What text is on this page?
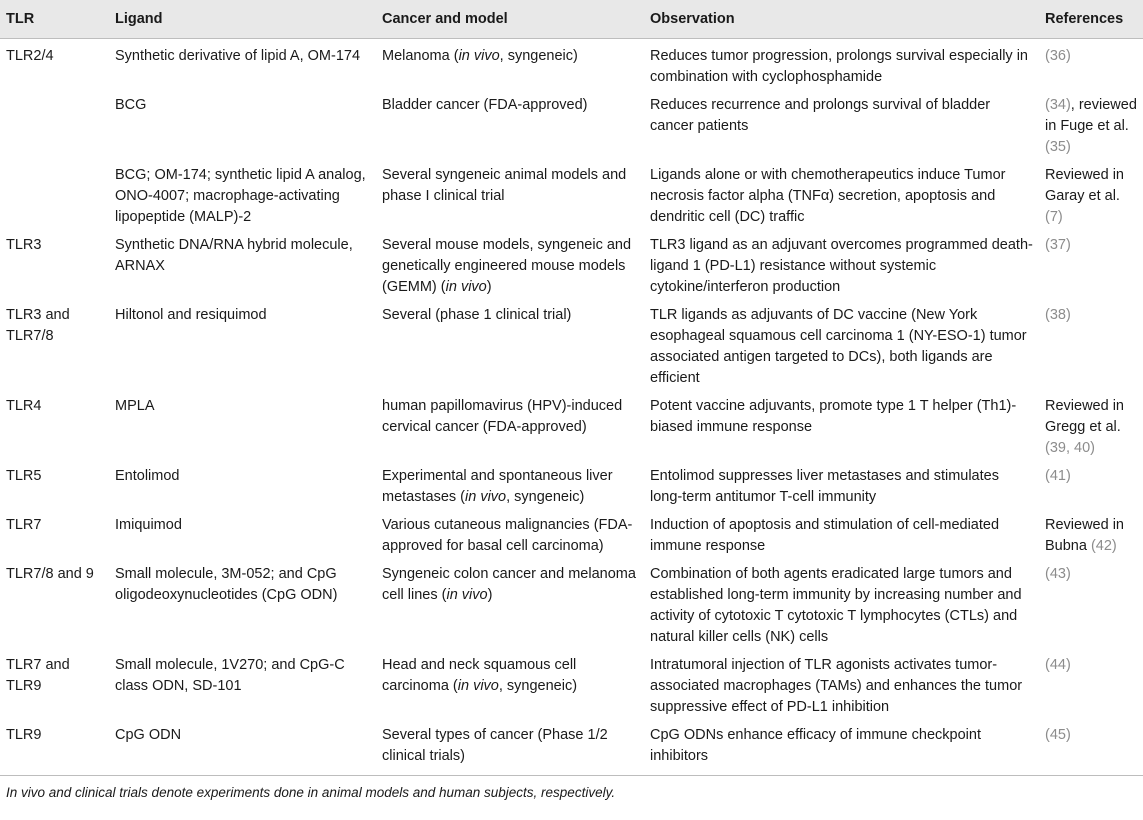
TLR	Ligand	Cancer and model	Observation	References
TLR2/4	Synthetic derivative of lipid A, OM-174	Melanoma (in vivo, syngeneic)	Reduces tumor progression, prolongs survival especially in combination with cyclophosphamide	(36)
	BCG	Bladder cancer (FDA-approved)	Reduces recurrence and prolongs survival of bladder cancer patients	(34), reviewed in Fuge et al. (35)
	BCG; OM-174; synthetic lipid A analog, ONO-4007; macrophage-activating lipopeptide (MALP)-2	Several syngeneic animal models and phase I clinical trial	Ligands alone or with chemotherapeutics induce Tumor necrosis factor alpha (TNFα) secretion, apoptosis and dendritic cell (DC) traffic	Reviewed in Garay et al. (7)
TLR3	Synthetic DNA/RNA hybrid molecule, ARNAX	Several mouse models, syngeneic and genetically engineered mouse models (GEMM) (in vivo)	TLR3 ligand as an adjuvant overcomes programmed death-ligand 1 (PD-L1) resistance without systemic cytokine/interferon production	(37)
TLR3 and TLR7/8	Hiltonol and resiquimod	Several (phase 1 clinical trial)	TLR ligands as adjuvants of DC vaccine (New York esophageal squamous cell carcinoma 1 (NY-ESO-1) tumor associated antigen targeted to DCs), both ligands are efficient	(38)
TLR4	MPLA	human papillomavirus (HPV)-induced cervical cancer (FDA-approved)	Potent vaccine adjuvants, promote type 1 T helper (Th1)-biased immune response	Reviewed in Gregg et al. (39, 40)
TLR5	Entolimod	Experimental and spontaneous liver metastases (in vivo, syngeneic)	Entolimod suppresses liver metastases and stimulates long-term antitumor T-cell immunity	(41)
TLR7	Imiquimod	Various cutaneous malignancies (FDA-approved for basal cell carcinoma)	Induction of apoptosis and stimulation of cell-mediated immune response	Reviewed in Bubna (42)
TLR7/8 and 9	Small molecule, 3M-052; and CpG oligodeoxynucleotides (CpG ODN)	Syngeneic colon cancer and melanoma cell lines (in vivo)	Combination of both agents eradicated large tumors and established long-term immunity by increasing number and activity of cytotoxic T cytotoxic T lymphocytes (CTLs) and natural killer cells (NK) cells	(43)
TLR7 and TLR9	Small molecule, 1V270; and CpG-C class ODN, SD-101	Head and neck squamous cell carcinoma (in vivo, syngeneic)	Intratumoral injection of TLR agonists activates tumor-associated macrophages (TAMs) and enhances the tumor suppressive effect of PD-L1 inhibition	(44)
TLR9	CpG ODN	Several types of cancer (Phase 1/2 clinical trials)	CpG ODNs enhance efficacy of immune checkpoint inhibitors	(45)
In vivo and clinical trials denote experiments done in animal models and human subjects, respectively.
